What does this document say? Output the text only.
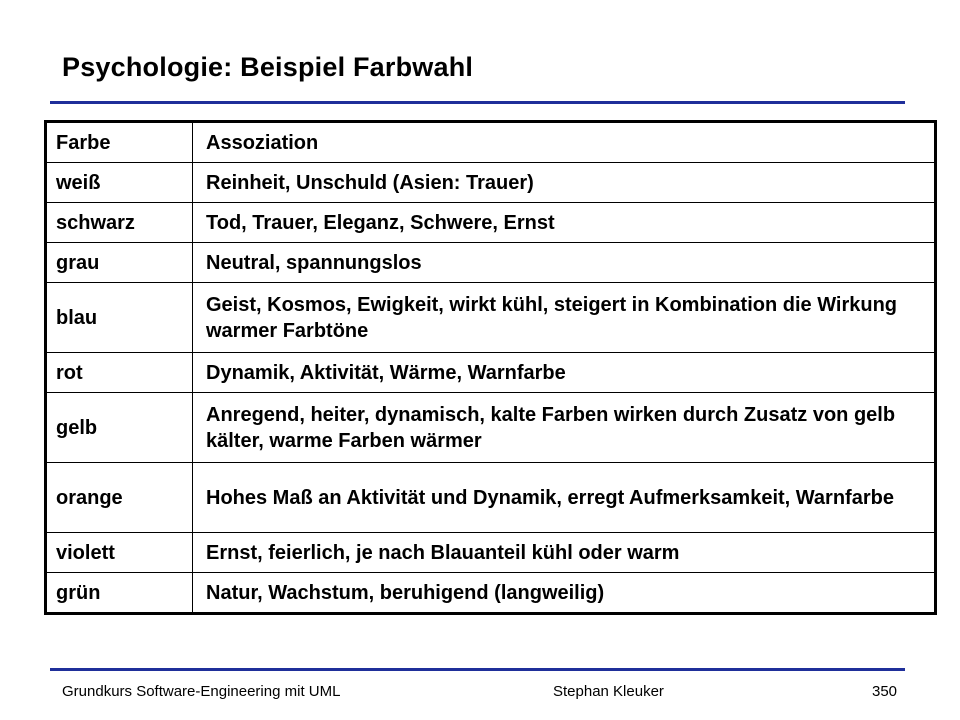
Psychologie: Beispiel Farbwahl
Farbe	Assoziation
weiß	Reinheit, Unschuld (Asien: Trauer)
schwarz	Tod, Trauer, Eleganz, Schwere, Ernst
grau	Neutral, spannungslos
blau	Geist, Kosmos, Ewigkeit, wirkt kühl, steigert in Kombination die Wirkung warmer Farbtöne
rot	Dynamik, Aktivität, Wärme, Warnfarbe
gelb	Anregend, heiter, dynamisch, kalte Farben wirken durch Zusatz von gelb kälter, warme Farben wärmer
orange	Hohes Maß an Aktivität und Dynamik, erregt Aufmerksamkeit, Warnfarbe
violett	Ernst, feierlich, je nach Blauanteil kühl oder warm
grün	Natur, Wachstum, beruhigend (langweilig)
Grundkurs Software-Engineering mit UML	Stephan Kleuker	350
